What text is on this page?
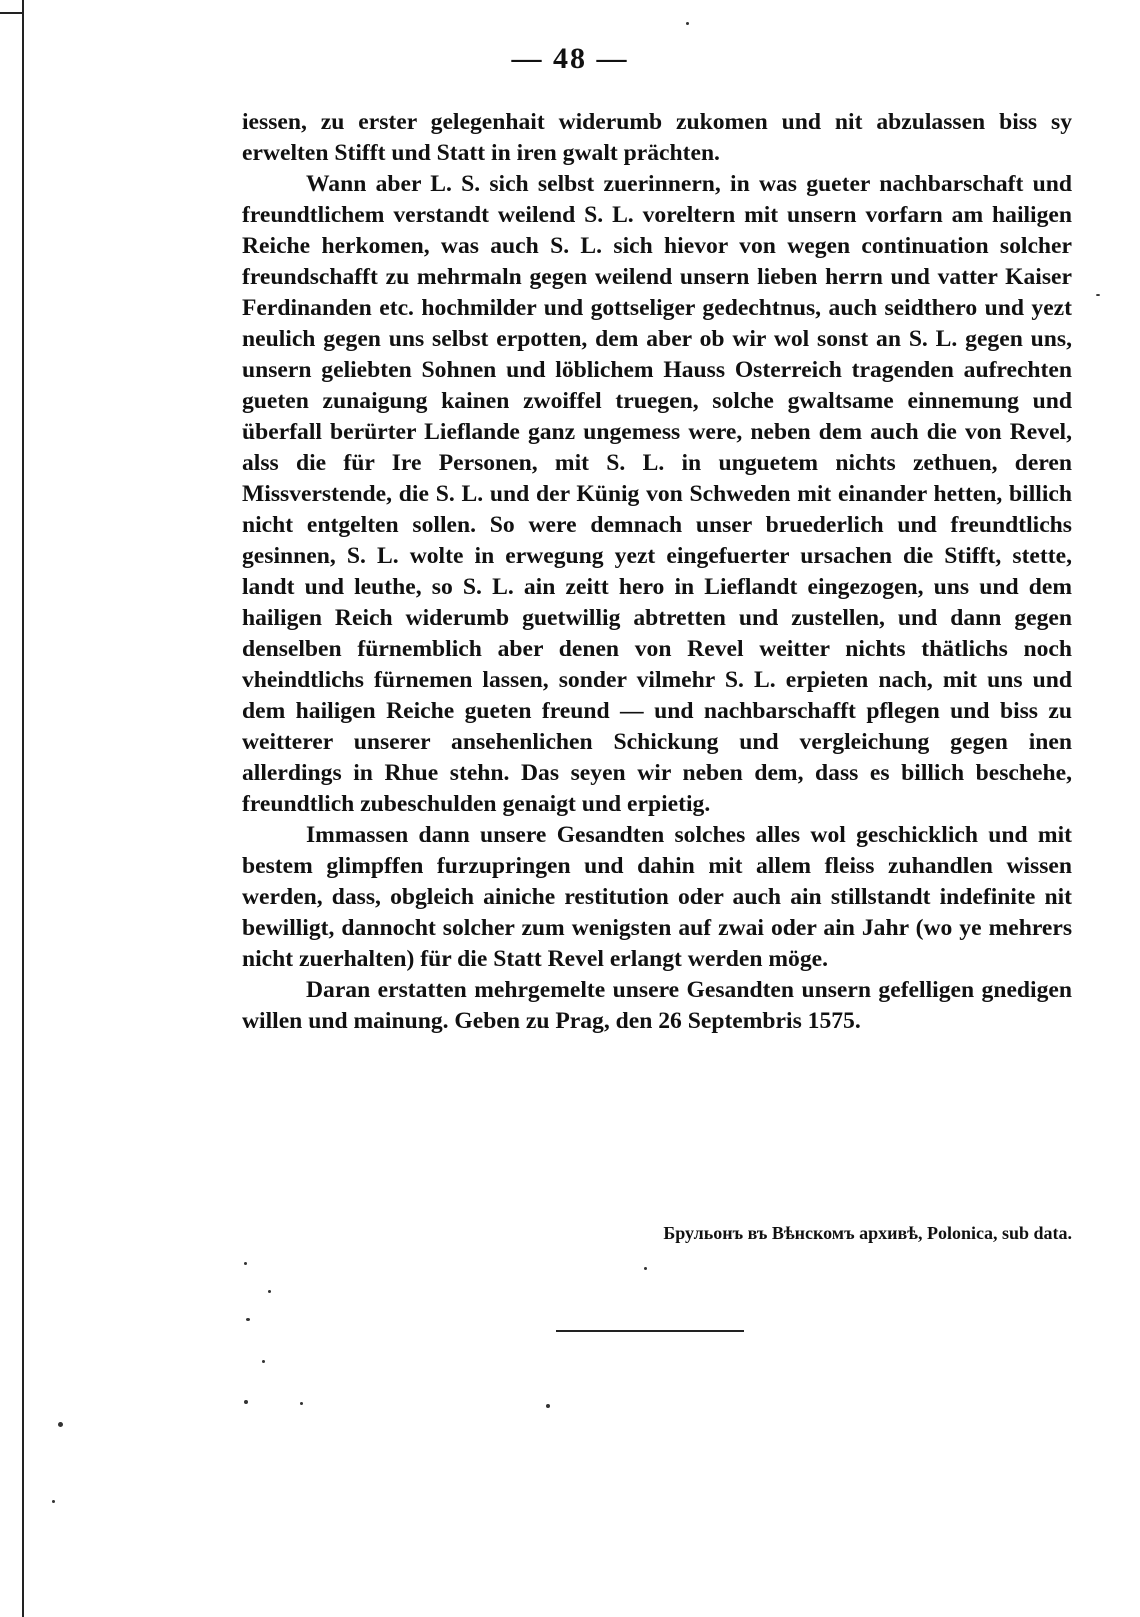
— 48 —

iessen, zu erster gelegenhait widerumb zukomen und nit abzulassen biss sy erwelten Stifft und Statt in iren gwalt prächten.

Wann aber L. S. sich selbst zuerinnern, in was gueter nachbarschaft und freundtlichem verstandt weilend S. L. voreltern mit unsern vorfarn am hailigen Reiche herkomen, was auch S. L. sich hievor von wegen continuation solcher freundschafft zu mehrmaln gegen weilend unsern lieben herrn und vatter Kaiser Ferdinanden etc. hochmilder und gottseliger gedechtnus, auch seidthero und yezt neulich gegen uns selbst erpotten, dem aber ob wir wol sonst an S. L. gegen uns, unsern geliebten Sohnen und löblichem Hauss Osterreich tragenden aufrechten gueten zunaigung kainen zwoiffel truegen, solche gwaltsame einnemung und überfall berürter Lieflande ganz ungemess were, neben dem auch die von Revel, alss die für Ire Personen, mit S. L. in unguetem nichts zethuen, deren Missverstende, die S. L. und der Künig von Schweden mit einander hetten, billich nicht entgelten sollen. So were demnach unser bruederlich und freundtlichs gesinnen, S. L. wolte in erwegung yezt eingefuerter ursachen die Stifft, stette, landt und leuthe, so S. L. ain zeitt hero in Lieflandt eingezogen, uns und dem hailigen Reich widerumb guetwillig abtretten und zustellen, und dann gegen denselben fürnemblich aber denen von Revel weitter nichts thätlichs noch vheindtlichs fürnemen lassen, sonder vilmehr S. L. erpieten nach, mit uns und dem hailigen Reiche gueten freund — und nachbarschafft pflegen und biss zu weitterer unserer ansehenlichen Schickung und vergleichung gegen inen allerdings in Rhue stehn. Das seyen wir neben dem, dass es billich beschehe, freundtlich zubeschulden genaigt und erpietig.

Immassen dann unsere Gesandten solches alles wol geschicklich und mit bestem glimpffen furzupringen und dahin mit allem fleiss zuhandlen wissen werden, dass, obgleich ainiche restitution oder auch ain stillstandt indefinite nit bewilligt, dannocht solcher zum wenigsten auf zwai oder ain Jahr (wo ye mehrers nicht zuerhalten) für die Statt Revel erlangt werden möge.

Daran erstatten mehrgemelte unsere Gesandten unsern gefelligen gnedigen willen und mainung. Geben zu Prag, den 26 Septembris 1575.

Брульонъ въ Вѣнскомъ архивѣ, Polonica, sub data.
